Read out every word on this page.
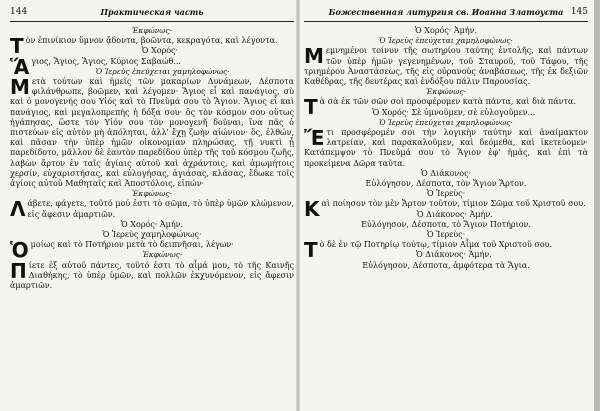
144	Практическая часть

Ἐκφώνως·

Τὸν ἐπινίκιον ὕμνον ᾄδοντα, βοῶντα, κεκραγότα, καὶ λέγοντα.

Ὁ Χορός·

Ἅγιος, Ἅγιος, Ἅγιος, Κύριος Σαβαώθ...

Ὁ Ἱερεὺς ἐπεύχεται χαμηλοφώνως·

Μετὰ τούτων καὶ ἡμεῖς τῶν μακαρίων Δυνάμεων, Δέσποτα φιλάνθρωπε, βοῶμεν, καὶ λέγομεν· Ἅγιος εἶ καὶ πανάγιος, σὺ καὶ ὁ μονογενής σου Υἱός καὶ τὸ Πνεῦμά σου τὸ Ἅγιον. Ἅγιος εἶ καὶ πανάγιος, καὶ μεγαλοπρεπὴς ἡ δόξα σου· ὃς τὸν κόσμον σου οὕτως ἠγάπησας, ὥστε τὸν Υἱόν σου τὸν μονογενῆ δοῦναι, ἵνα πᾶς ὁ πιστεύων εἰς αὐτὸν μὴ ἀπόληται, ἀλλ' ἔχῃ ζωὴν αἰώνιον· ὃς, ἐλθών, καὶ πᾶσαν τὴν ὑπὲρ ἡμῶν οἰκονομίαν πληρώσας, τῇ νυκτὶ ᾗ παρεδίδοτο, μᾶλλον δὲ ἑαυτὸν παρεδίδου ὑπὲρ τῆς τοῦ κόσμου ζωῆς, λαβὼν ἄρτον ἐν ταῖς ἁγίαις αὐτοῦ καὶ ἀχράντοις, καὶ ἀμωμήτοις χερσίν, εὐχαριστήσας, καὶ εὐλογήσας, ἁγιάσας, κλάσας, ἔδωκε τοῖς ἁγίοις αὐτοῦ Μαθηταῖς καὶ Ἀποστόλοις, εἰπών·

Ἐκφώνως·

Λάβετε, φάγετε, τοῦτό μού ἐστι τὸ σῶμα, τὸ ὑπὲρ ὑμῶν κλώμενον, εἰς ἄφεσιν ἁμαρτιῶν.

Ὁ Χορός· Ἀμήν.

Ὁ Ἱερεὺς χαμηλοφώνως·

Ὁμοίως καὶ τὸ Ποτήριον μετὰ τὸ δειπνῆσαι, λέγων·

Ἐκφώνως·

Πίετε ἐξ αὐτοῦ πάντες, τοῦτό ἐστι τὸ αἷμά μου, τὸ τῆς Καινῆς Διαθήκης, τὸ ὑπὲρ ὑμῶν, καὶ πολλῶν ἐκχυνόμενον, εἰς ἄφεσιν ἁμαρτιῶν.

Божественная литургия св. Иоанна Златоуста 145

Ὁ Χορός· Ἀμήν.

Ὁ Ἱερεὺς ἐπεύχεται χαμηλοφώνως·

Μεμνημένοι τοίνυν τῆς σωτηρίου ταύτης ἐντολῆς, καὶ πάντων τῶν ὑπὲρ ἡμῶν γεγενημένων, τοῦ Σταυροῦ, τοῦ Τάφου, τῆς τριημέρου Ἀναστάσεως, τῆς εἰς οὐρανοὺς ἀναβάσεως, τῆς ἐκ δεξιῶν Καθέδρας, τῆς δευτέρας καὶ ἐνδόξου πάλιν Παρουσίας.

Ἐκφώνως·

Τὰ σὰ ἐκ τῶν σῶν σοὶ προσφέρομεν κατὰ πάντα, καὶ διὰ πάντα.

Ὁ Χορός· Σὲ ὑμνοῦμεν, σὲ εὐλογοῦμεν...

Ὁ Ἱερεὺς ἐπεύχεται χαμηλοφώνως·

Ἔτι προσφέρομέν σοι τὴν λογικὴν ταύτην καὶ ἀναίμακτον λατρείαν, καὶ παρακαλοῦμεν, καὶ δεόμεθα, καὶ ἱκετεύομεν· Κατάπεμψον τὸ Πνεῦμά σου τὸ Ἅγιον ἐφ' ἡμᾶς, καὶ ἐπὶ τὰ προκείμενα Δῶρα ταῦτα.

Ὁ Διάκονος·

Εὐλόγησον, Δέσποτα, τὸν Ἅγιον Ἄρτον.

Ὁ Ἱερεὺς·

Καὶ ποίησον τὸν μὲν Ἄρτον τοῦτον, τίμιον Σῶμα τοῦ Χριστοῦ σου.

Ὁ Διάκονος· Ἀμήν.

Εὐλόγησον, Δέσποτα, τὸ Ἅγιον Ποτήριον.

Ὁ Ἱερεὺς·

Τὸ δὲ ἐν τῷ Ποτηρίῳ τούτῳ, τίμιον Αἷμα τοῦ Χριστοῦ σου.

Ὁ Διάκονος· Ἀμήν.

Εὐλόγησον, Δέσποτα, ἀμφότερα τὰ Ἅγια.
